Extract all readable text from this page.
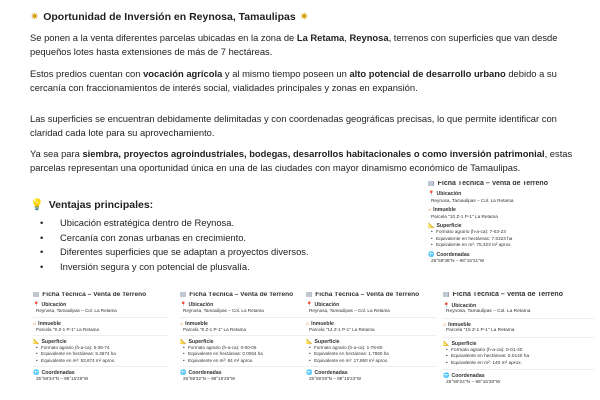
✷ Oportunidad de Inversión en Reynosa, Tamaulipas ✷

Se ponen a la venta diferentes parcelas ubicadas en la zona de La Retama, Reynosa, terrenos con superficies que van desde pequeños lotes hasta extensiones de más de 7 hectáreas.

Estos predios cuentan con vocación agrícola y al mismo tiempo poseen un alto potencial de desarrollo urbano debido a su cercanía con fraccionamientos de interés social, vialidades principales y zonas en expansión.

Las superficies se encuentran debidamente delimitadas y con coordenadas geográficas precisas, lo que permite identificar con claridad cada lote para su aprovechamiento.

Ya sea para siembra, proyectos agroindustriales, bodegas, desarrollos habitacionales o como inversión patrimonial, estas parcelas representan una oportunidad única en una de las ciudades con mayor dinamismo económico de Tamaulipas.

💡 Ventajas principales:
• Ubicación estratégica dentro de Reynosa.
• Cercanía con zonas urbanas en crecimiento.
• Diferentes superficies que se adaptan a proyectos diversos.
• Inversión segura y con potencial de plusvalía.
▤ Ficha Técnica – Venta de Terreno
📍 Ubicación
Reynosa, Tamaulipas – Col. La Retama
⌂ Inmueble
Parcela "10 Z-1 P-1" La Retama
📐 Superficie
• Formato agrario (h-a-ca): 7-53-23
• Equivalente en hectáreas: 7.5323 ha
• Equivalente en m²: 75,323 m² aprox.
🌐 Coordenadas
25°59'36"N – 98°15'31"W
▤ Ficha Técnica – Venta de Terreno
📍 Ubicación
Reynosa, Tamaulipas – Col. La Retama
⌂ Inmueble
Parcela "9 Z-1 P-1" La Retama
📐 Superficie
• Formato agrario (h-a-ca): 5-36-74
• Equivalente en hectáreas: 5.3674 ha
• Equivalente en m²: 53,674 m² aprox.
🌐 Coordenadas
25°59'34"N – 98°15'29"W
▤ Ficha Técnica – Venta de Terreno
📍 Ubicación
Reynosa, Tamaulipas – Col. La Retama
⌂ Inmueble
Parcela "8 Z-1 P-1" La Retama
📐 Superficie
• Formato agrario (h-a-ca): 0-00-05
• Equivalente en hectáreas: 0.0064 ha
• Equivalente en m²: 64 m² aprox.
🌐 Coordenadas
25°59'32"N – 98°15'26"W
▤ Ficha Técnica – Venta de Terreno
📍 Ubicación
Reynosa, Tamaulipas – Col. La Retama
⌂ Inmueble
Parcela "14 Z-1 P-1" La Retama
📐 Superficie
• Formato agrario (h-a-ca): 1-78-60
• Equivalente en hectáreas: 1.7860 ha
• Equivalente en m²: 17,860 m² aprox.
🌐 Coordenadas
25°59'29"N – 98°15'23"W
▤ Ficha Técnica – Venta de Terreno
📍 Ubicación
Reynosa, Tamaulipas – Col. La Retama
⌂ Inmueble
Parcela "15 Z-1 P-1" La Retama
📐 Superficie
• Formato agrario (h-a-ca): 0-01-40
• Equivalente en hectáreas: 0.0140 ha
• Equivalente en m²: 140 m² aprox.
🌐 Coordenadas
25°59'24"N – 98°15'20"W
